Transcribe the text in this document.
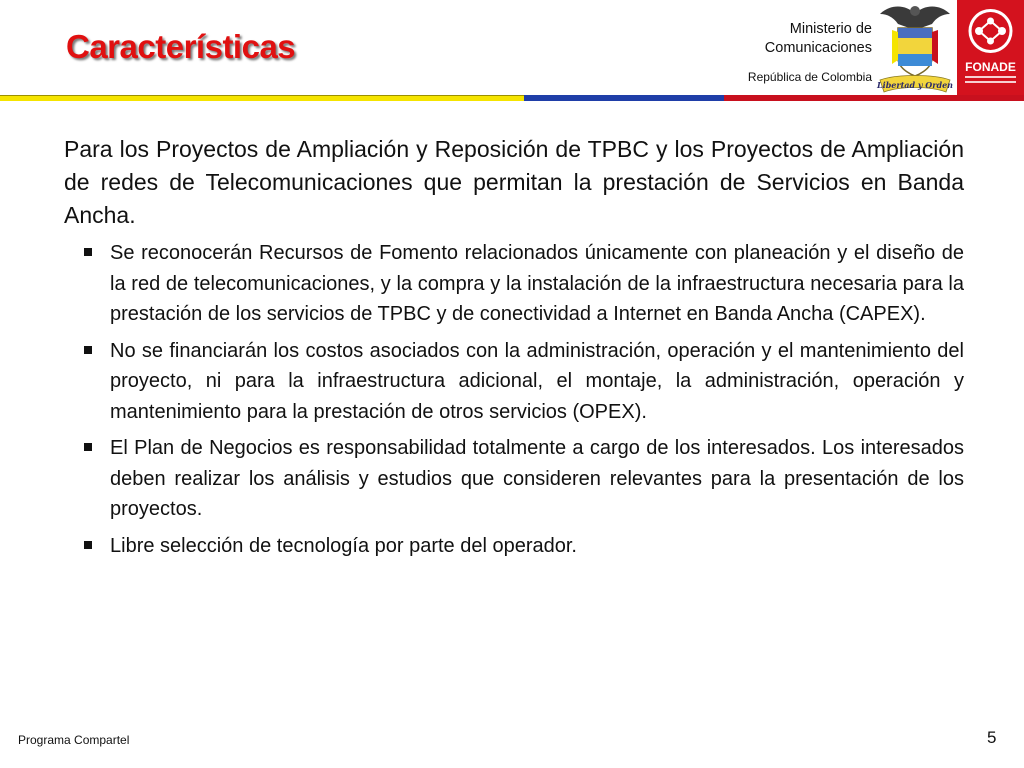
Características	Ministerio de
Comunicaciones
República de Colombia
Libertad y Orden
FONADE

Para los Proyectos de Ampliación y Reposición de TPBC y los Proyectos de Ampliación de redes de Telecomunicaciones que permitan la prestación de Servicios en Banda Ancha.

Se reconocerán Recursos de Fomento relacionados únicamente con planeación y el diseño de la red de telecomunicaciones, y la compra y la instalación de la infraestructura necesaria para la prestación de los servicios de TPBC y de conectividad a Internet en Banda Ancha (CAPEX).
No se financiarán los costos asociados con la administración, operación y el mantenimiento del proyecto, ni para la infraestructura adicional, el montaje, la administración, operación y mantenimiento para la prestación de otros servicios (OPEX).
El Plan de Negocios es responsabilidad totalmente a cargo de los interesados. Los interesados deben realizar los análisis y estudios que consideren relevantes para la presentación de los proyectos.
Libre selección de tecnología por parte del operador.
Programa Compartel	5
